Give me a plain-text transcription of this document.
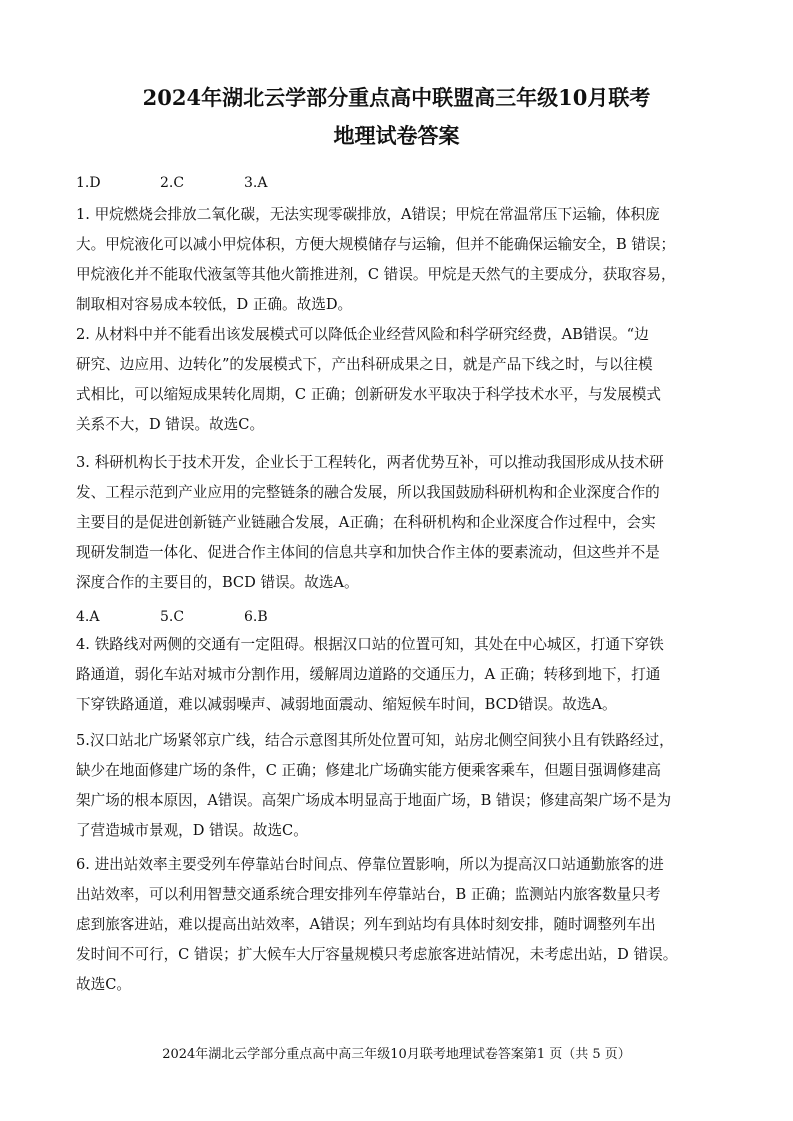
2024年湖北云学部分重点高中联盟高三年级10月联考
地理试卷答案
1.D	2.C	3.A
1. 甲烷燃烧会排放二氧化碳，无法实现零碳排放，A错误；甲烷在常温常压下运输，体积庞
大。甲烷液化可以减小甲烷体积，方便大规模储存与运输，但并不能确保运输安全，B 错误；
甲烷液化并不能取代液氢等其他火箭推进剂，C 错误。甲烷是天然气的主要成分，获取容易，
制取相对容易成本较低，D 正确。故选D。
2. 从材料中并不能看出该发展模式可以降低企业经营风险和科学研究经费，AB错误。“边
研究、边应用、边转化”的发展模式下，产出科研成果之日，就是产品下线之时，与以往模
式相比，可以缩短成果转化周期，C 正确；创新研发水平取决于科学技术水平，与发展模式
关系不大，D 错误。故选C。
3. 科研机构长于技术开发，企业长于工程转化，两者优势互补，可以推动我国形成从技术研
发、工程示范到产业应用的完整链条的融合发展，所以我国鼓励科研机构和企业深度合作的
主要目的是促进创新链产业链融合发展，A正确；在科研机构和企业深度合作过程中，会实
现研发制造一体化、促进合作主体间的信息共享和加快合作主体的要素流动，但这些并不是
深度合作的主要目的，BCD 错误。故选A。
4.A	5.C	6.B
4. 铁路线对两侧的交通有一定阻碍。根据汉口站的位置可知，其处在中心城区，打通下穿铁
路通道，弱化车站对城市分割作用，缓解周边道路的交通压力，A 正确；转移到地下，打通
下穿铁路通道，难以减弱噪声、减弱地面震动、缩短候车时间，BCD错误。故选A。
5.汉口站北广场紧邻京广线，结合示意图其所处位置可知，站房北侧空间狭小且有铁路经过，
缺少在地面修建广场的条件，C 正确；修建北广场确实能方便乘客乘车，但题目强调修建高
架广场的根本原因，A错误。高架广场成本明显高于地面广场，B 错误；修建高架广场不是为
了营造城市景观，D 错误。故选C。
6. 进出站效率主要受列车停靠站台时间点、停靠位置影响，所以为提高汉口站通勤旅客的进
出站效率，可以利用智慧交通系统合理安排列车停靠站台，B 正确；监测站内旅客数量只考
虑到旅客进站，难以提高出站效率，A错误；列车到站均有具体时刻安排，随时调整列车出
发时间不可行，C 错误；扩大候车大厅容量规模只考虑旅客进站情况，未考虑出站，D 错误。
故选C。
2024年湖北云学部分重点高中高三年级10月联考地理试卷答案第1 页（共 5 页）
